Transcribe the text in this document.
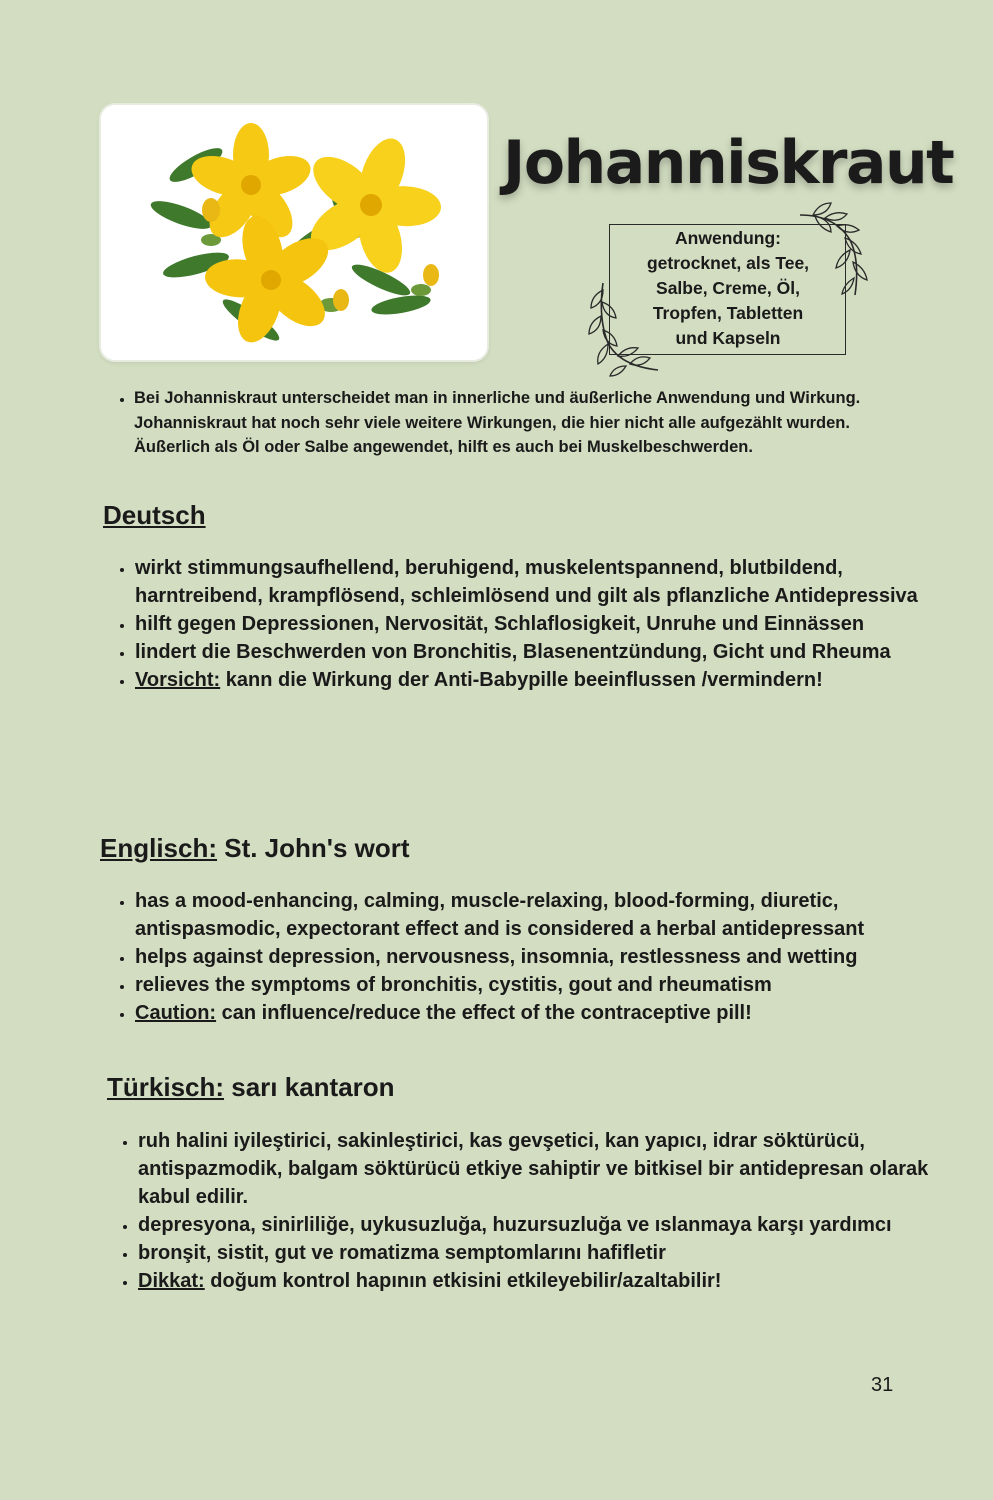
Johanniskraut
Anwendung:
getrocknet, als Tee,
Salbe, Creme, Öl,
Tropfen, Tabletten
und Kapseln
• Bei Johanniskraut unterscheidet man in innerliche und äußerliche Anwendung und Wirkung. Johanniskraut hat noch sehr viele weitere Wirkungen, die hier nicht alle aufgezählt wurden. Äußerlich als Öl oder Salbe angewendet, hilft es auch bei Muskelbeschwerden.
Deutsch
• wirkt stimmungsaufhellend, beruhigend, muskelentspannend, blutbildend, harntreibend, krampflösend, schleimlösend und gilt als pflanzliche Antidepressiva
• hilft gegen Depressionen, Nervosität, Schlaflosigkeit, Unruhe und Einnässen
• lindert die Beschwerden von Bronchitis, Blasenentzündung, Gicht und Rheuma
• Vorsicht: kann die Wirkung der Anti-Babypille beeinflussen /vermindern!
Englisch: St. John's wort
• has a mood-enhancing, calming, muscle-relaxing, blood-forming, diuretic, antispasmodic, expectorant effect and is considered a herbal antidepressant
• helps against depression, nervousness, insomnia, restlessness and wetting
• relieves the symptoms of bronchitis, cystitis, gout and rheumatism
• Caution: can influence/reduce the effect of the contraceptive pill!
Türkisch: sarı kantaron
• ruh halini iyileştirici, sakinleştirici, kas gevşetici, kan yapıcı, idrar söktürücü, antispazmodik, balgam söktürücü etkiye sahiptir ve bitkisel bir antidepresan olarak kabul edilir.
• depresyona, sinirliliğe, uykusuzluğa, huzursuzluğa ve ıslanmaya karşı yardımcı
• bronşit, sistit, gut ve romatizma semptomlarını hafifletir
• Dikkat: doğum kontrol hapının etkisini etkileyebilir/azaltabilir!
31
